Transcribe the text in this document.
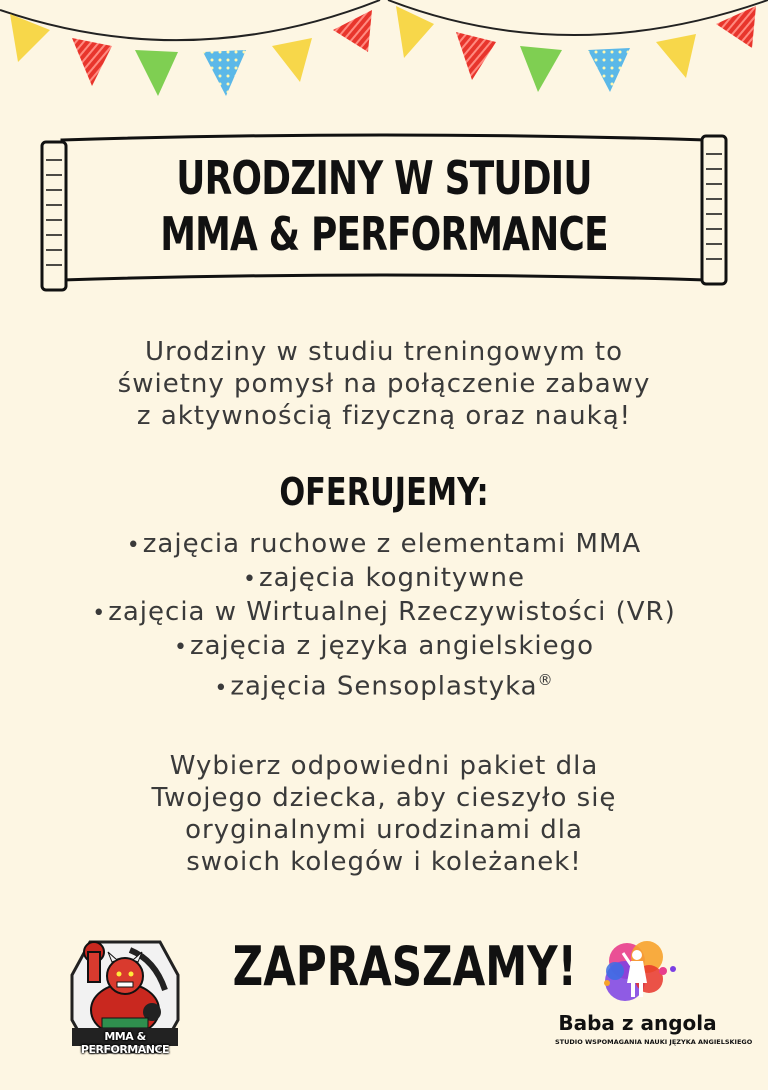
URODZINY W STUDIU
MMA & PERFORMANCE
Urodziny w studiu treningowym to
świetny pomysł na połączenie zabawy
z aktywnością fizyczną oraz nauką!
OFERUJEMY:
•zajęcia ruchowe z elementami MMA
•zajęcia kognitywne
•zajęcia w Wirtualnej Rzeczywistości (VR)
•zajęcia z języka angielskiego
•zajęcia Sensoplastyka®
Wybierz odpowiedni pakiet dla
Twojego dziecka, aby cieszyło się
oryginalnymi urodzinami dla
swoich kolegów i koleżanek!
ZAPRASZAMY!
MMA & PERFORMANCE
Baba z angola
STUDIO WSPOMAGANIA NAUKI JĘZYKA ANGIELSKIEGO
